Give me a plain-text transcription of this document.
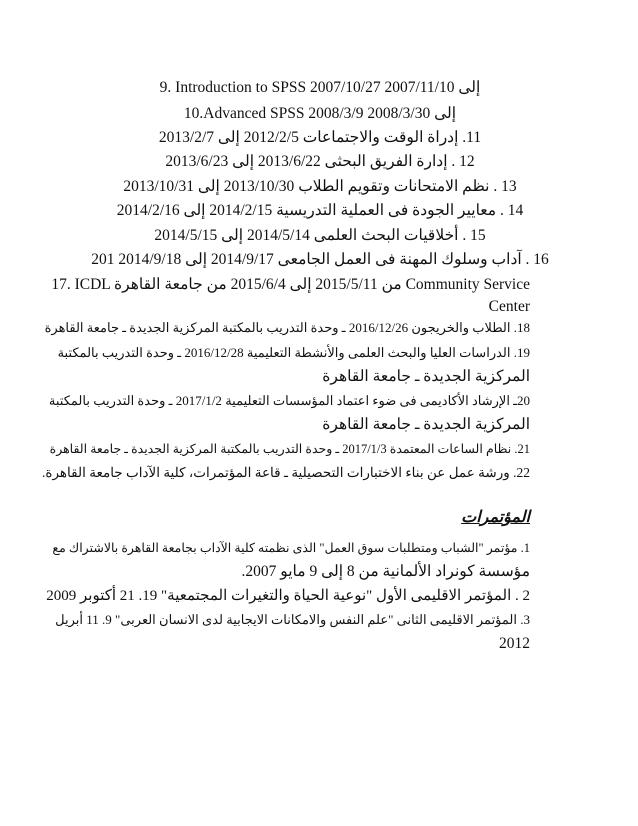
9. Introduction to SPSS 2007/10/27 إلى 2007/11/10
10.Advanced SPSS 2008/3/9 إلى 2008/3/30
11. إدراة الوقت والاجتماعات 2012/2/5 إلى 2013/2/7
12 . إدارة الفريق البحثى 2013/6/22 إلى 2013/6/23
13 . نظم الامتحانات وتقويم الطلاب 2013/10/30 إلى 2013/10/31
14 . معايير الجودة فى العملية التدريسية 2014/2/15 إلى 2014/2/16
15 . أخلاقيات البحث العلمى 2014/5/14 إلى 2014/5/15
16 . آداب وسلوك المهنة فى العمل الجامعى 2014/9/17 إلى 2014/9/18 201
17. ICDL من 2015/5/11 إلى 2015/6/4 من جامعة القاهرة Community Service
Center
18. الطلاب والخريجون 2016/12/26 ـ وحدة التدريب بالمكتبة المركزية الجديدة ـ جامعة القاهرة
19. الدراسات العليا والبحث العلمى والأنشطة التعليمية 2016/12/28 ـ وحدة التدريب بالمكتبة
المركزية الجديدة ـ جامعة القاهرة
20ـ الإرشاد الأكاديمى فى ضوء اعتماد المؤسسات التعليمية 2017/1/2 ـ وحدة التدريب بالمكتبة
المركزية الجديدة ـ جامعة القاهرة
21. نظام الساعات المعتمدة 2017/1/3 ـ وحدة التدريب بالمكتبة المركزية الجديدة ـ جامعة القاهرة
22. ورشة عمل عن بناء الاختبارات التحصيلية ـ قاعة المؤتمرات، كلية الآداب جامعة القاهرة.
المؤتمرات
1. مؤتمر "الشباب ومتطلبات سوق العمل" الذى نظمته كلية الآداب بجامعة القاهرة بالاشتراك مع
مؤسسة كونراد الألمانية من 8 إلى 9 مايو 2007.
2 . المؤتمر الاقليمى الأول "نوعية الحياة والتغيرات المجتمعية" 19. 21 أكتوبر 2009
3. المؤتمر الاقليمى الثانى "علم النفس والامكانات الايجابية لدى الانسان العربى" 9. 11 أبريل
2012
